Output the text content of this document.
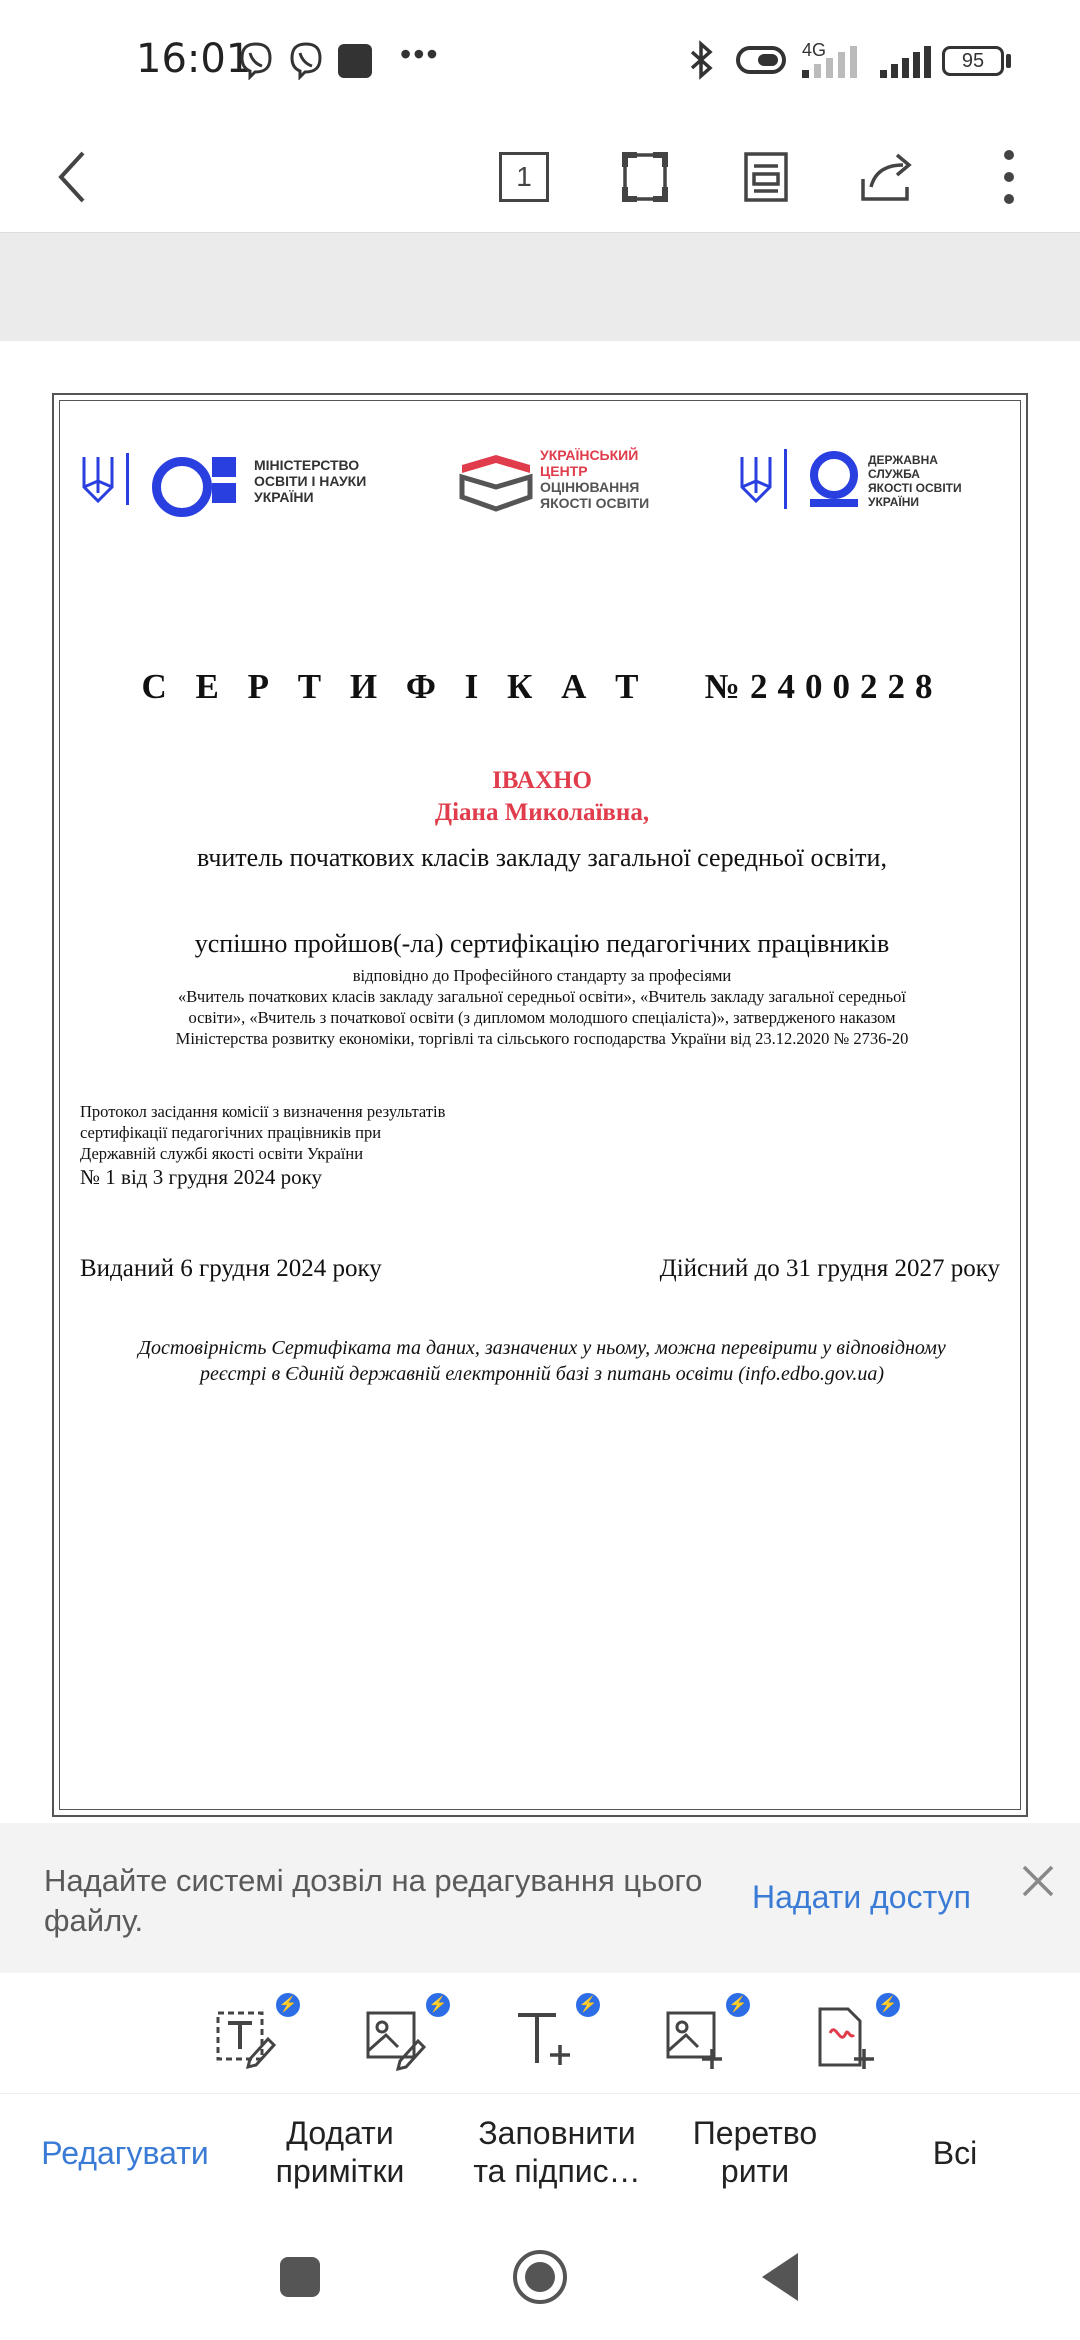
16:01	•••	4G	95
1
МІНІСТЕРСТВО
ОСВІТИ І НАУКИ
УКРАЇНИ
УКРАЇНСЬКИЙ
ЦЕНТР
ОЦІНЮВАННЯ
ЯКОСТІ ОСВІТИ
ДЕРЖАВНА
СЛУЖБА
ЯКОСТІ ОСВІТИ
УКРАЇНИ
С Е Р Т И Ф І К А Т   №2400228
ІВАХНО
Діана Миколаївна,
вчитель початкових класів закладу загальної середньої освіти,
успішно пройшов(-ла) сертифікацію педагогічних працівників
відповідно до Професійного стандарту за професіями
«Вчитель початкових класів закладу загальної середньої освіти», «Вчитель закладу загальної середньої
освіти», «Вчитель з початкової освіти (з дипломом молодшого спеціаліста)», затвердженого наказом
Міністерства розвитку економіки, торгівлі та сільського господарства України від 23.12.2020 № 2736-20
Протокол засідання комісії з визначення результатів
сертифікації педагогічних працівників при
Державній службі якості освіти України
№ 1 від 3 грудня 2024 року
Виданий 6 грудня 2024 року	Дійсний до 31 грудня 2027 року
Достовірність Сертифіката та даних, зазначених у ньому, можна перевірити у відповідному
реєстрі в Єдиній державній електронній базі з питань освіти (info.edbo.gov.ua)
Надайте системі дозвіл на редагування цього файлу.
Надати доступ
⚡	⚡	⚡	⚡	⚡
Редагувати
Додати
примітки
Заповнити
та підпис…
Перетво
рити	Всі
